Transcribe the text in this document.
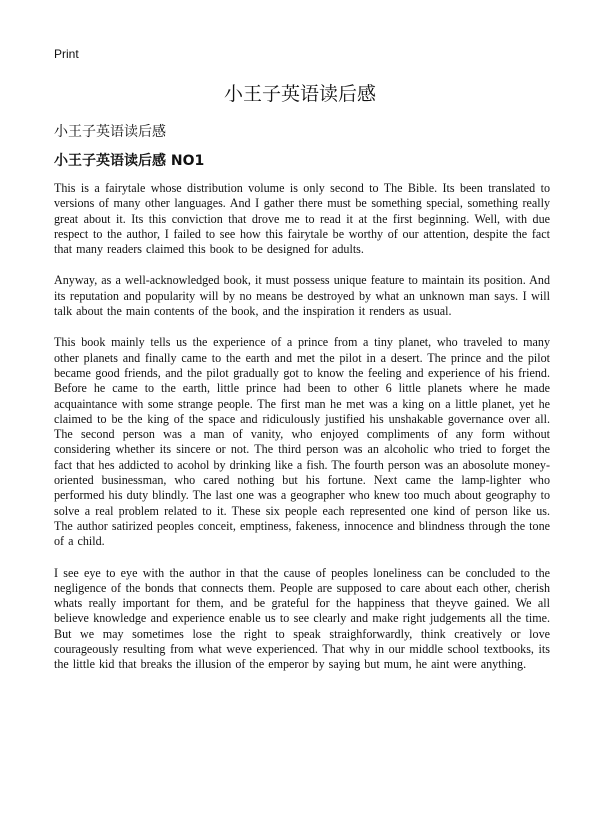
Print
小王子英语读后感
小王子英语读后感
小王子英语读后感 NO1

This is a fairytale whose distribution volume is only second to The Bible. Its been translated to versions of many other languages. And I gather there must be something special, something really great about it. Its this conviction that drove me to read it at the first beginning. Well, with due respect to the author, I failed to see how this fairytale be worthy of our attention, despite the fact that many readers claimed this book to be designed for adults.

Anyway, as a well-acknowledged book, it must possess unique feature to maintain its position. And its reputation and popularity will by no means be destroyed by what an unknown man says. I will talk about the main contents of the book, and the inspiration it renders as usual.

This book mainly tells us the experience of a prince from a tiny planet, who traveled to many other planets and finally came to the earth and met the pilot in a desert. The prince and the pilot became good friends, and the pilot gradually got to know the feeling and experience of his friend. Before he came to the earth, little prince had been to other 6 little planets where he made acquaintance with some strange people. The first man he met was a king on a little planet, yet he claimed to be the king of the space and ridiculously justified his unshakable governance over all. The second person was a man of vanity, who enjoyed compliments of any form without considering whether its sincere or not. The third person was an alcoholic who tried to forget the fact that hes addicted to acohol by drinking like a fish. The fourth person was an abosolute money-oriented businessman, who cared nothing but his fortune. Next came the lamp-lighter who performed his duty blindly. The last one was a geographer who knew too much about geography to solve a real problem related to it. These six people each represented one kind of person like us. The author satirized peoples conceit, emptiness, fakeness, innocence and blindness through the tone of a child.

I see eye to eye with the author in that the cause of peoples loneliness can be concluded to the negligence of the bonds that connects them. People are supposed to care about each other, cherish whats really important for them, and be grateful for the happiness that theyve gained. We all believe knowledge and experience enable us to see clearly and make right judgements all the time. But we may sometimes lose the right to speak straighforwardly, think creatively or love courageously resulting from what weve experienced. That why in our middle school textbooks, its the little kid that breaks the illusion of the emperor by saying but mum, he aint were anything.
